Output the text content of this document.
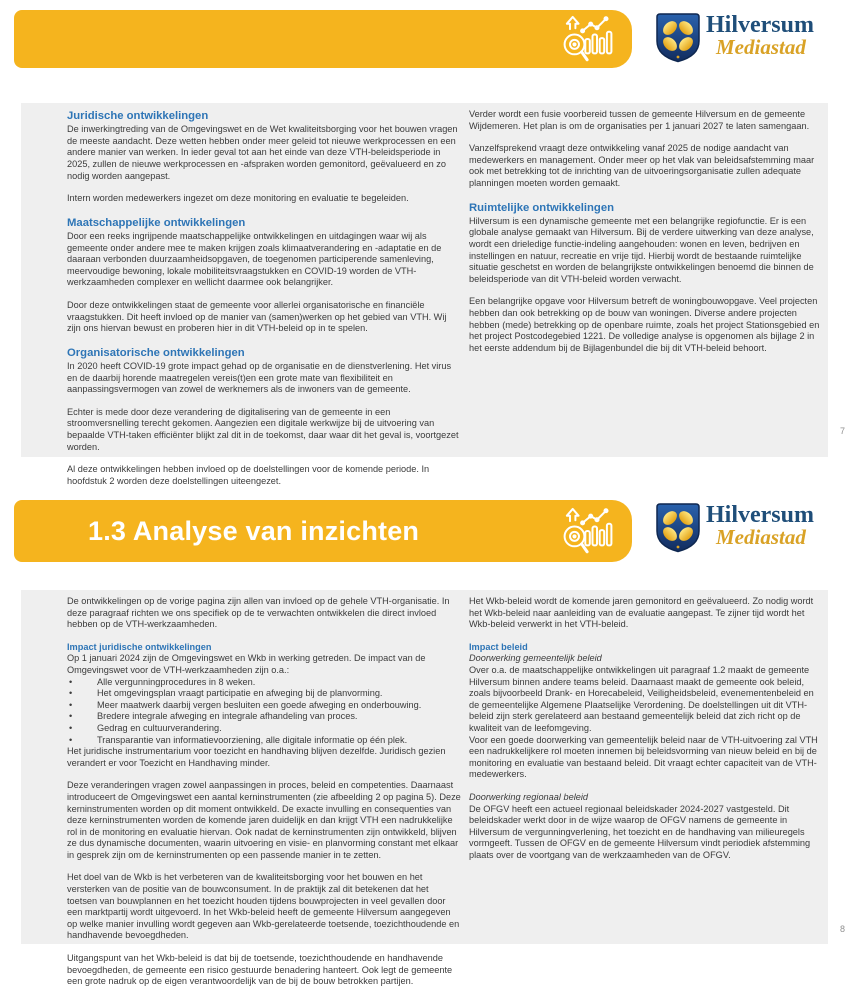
Hilversum
Mediastad
Juridische ontwikkelingen
De inwerkingtreding van de Omgevingswet en de Wet kwaliteitsborging voor het bouwen vragen de meeste aandacht. Deze wetten hebben onder meer geleid tot nieuwe werkprocessen en een andere manier van werken. In ieder geval tot aan het einde van deze VTH-beleidsperiode in 2025, zullen de nieuwe werkprocessen en -afspraken worden gemonitord, geëvalueerd en zo nodig worden aangepast.
Intern worden medewerkers ingezet om deze monitoring en evaluatie te begeleiden.
Maatschappelijke ontwikkelingen
Door een reeks ingrijpende maatschappelijke ontwikkelingen en uitdagingen waar wij als gemeente onder andere mee te maken krijgen zoals klimaatverandering en -adaptatie en de daaraan verbonden duurzaamheidsopgaven, de toegenomen participerende samenleving, meervoudige bewoning, lokale mobiliteitsvraagstukken en COVID-19 worden de VTH-werkzaamheden complexer en wellicht daarmee ook belangrijker.
Door deze ontwikkelingen staat de gemeente voor allerlei organisatorische en financiële vraagstukken. Dit heeft invloed op de manier van (samen)werken op het gebied van VTH. Wij zijn ons hiervan bewust en proberen hier in dit VTH-beleid op in te spelen.
Organisatorische ontwikkelingen
In 2020 heeft COVID-19 grote impact gehad op de organisatie en de dienstverlening. Het virus en de daarbij horende maatregelen vereis(t)en een grote mate van flexibiliteit en aanpassingsvermogen van zowel de werknemers als de inwoners van de gemeente.
Echter is mede door deze verandering de digitalisering van de gemeente in een stroomversnelling terecht gekomen. Aangezien een digitale werkwijze bij de uitvoering van bepaalde VTH-taken efficiënter blijkt zal dit in de toekomst, daar waar dit het geval is, voortgezet worden.
Al deze ontwikkelingen hebben invloed op de doelstellingen voor de komende periode. In hoofdstuk 2 worden deze doelstellingen uiteengezet.
Verder wordt een fusie voorbereid tussen de gemeente Hilversum en de gemeente Wijdemeren. Het plan is om de organisaties per 1 januari 2027 te laten samengaan.
Vanzelfsprekend vraagt deze ontwikkeling vanaf 2025 de nodige aandacht van medewerkers en management. Onder meer op het vlak van beleidsafstemming maar ook met betrekking tot de inrichting van de uitvoeringsorganisatie zullen adequate planningen moeten worden gemaakt.
Ruimtelijke ontwikkelingen
Hilversum is een dynamische gemeente met een belangrijke regiofunctie. Er is een globale analyse gemaakt van Hilversum. Bij de verdere uitwerking van deze analyse, wordt een drieledige functie-indeling aangehouden: wonen en leven, bedrijven en instellingen en natuur, recreatie en vrije tijd. Hierbij wordt de bestaande ruimtelijke situatie geschetst en worden de belangrijkste ontwikkelingen benoemd die binnen de beleidsperiode van dit VTH-beleid worden verwacht.
Een belangrijke opgave voor Hilversum betreft de woningbouwopgave. Veel projecten hebben dan ook betrekking op de bouw van woningen. Diverse andere projecten hebben (mede) betrekking op de openbare ruimte, zoals het project Stationsgebied en het project Postcodegebied 1221. De volledige analyse is opgenomen als bijlage 2 in het eerste addendum bij de Bijlagenbundel die bij dit VTH-beleid behoort.
7
1.3 Analyse van inzichten
Hilversum
Mediastad
De ontwikkelingen op de vorige pagina zijn allen van invloed op de gehele VTH-organisatie. In deze paragraaf richten we ons specifiek op de te verwachten ontwikkelen die direct invloed hebben op de VTH-werkzaamheden.
Impact juridische ontwikkelingen
Op 1 januari 2024 zijn de Omgevingswet en Wkb in werking getreden. De impact van de Omgevingswet voor de VTH-werkzaamheden zijn o.a.:
• Alle vergunningprocedures in 8 weken.
• Het omgevingsplan vraagt participatie en afweging bij de planvorming.
• Meer maatwerk daarbij vergen besluiten een goede afweging en onderbouwing.
• Bredere integrale afweging en integrale afhandeling van proces.
• Gedrag en cultuurverandering.
• Transparantie van informatievoorziening, alle digitale informatie op één plek.
Het juridische instrumentarium voor toezicht en handhaving blijven dezelfde. Juridisch gezien verandert er voor Toezicht en Handhaving minder.
Deze veranderingen vragen zowel aanpassingen in proces, beleid en competenties. Daarnaast introduceert de Omgevingswet een aantal kerninstrumenten (zie afbeelding 2 op pagina 5). Deze kerninstrumenten worden op dit moment ontwikkeld. De exacte invulling en consequenties van deze kerninstrumenten worden de komende jaren duidelijk en dan krijgt VTH een nadrukkelijke rol in de monitoring en evaluatie hiervan. Ook nadat de kerninstrumenten zijn ontwikkeld, blijven ze dus dynamische documenten, waarin uitvoering en visie- en planvorming constant met elkaar in gesprek zijn om de kerninstrumenten op een passende manier in te zetten.
Het doel van de Wkb is het verbeteren van de kwaliteitsborging voor het bouwen en het versterken van de positie van de bouwconsument. In de praktijk zal dit betekenen dat het toetsen van bouwplannen en het toezicht houden tijdens bouwprojecten in veel gevallen door een marktpartij wordt uitgevoerd. In het Wkb-beleid heeft de gemeente Hilversum aangegeven op welke manier invulling wordt gegeven aan Wkb-gerelateerde toetsende, toezichthoudende en handhavende bevoegdheden.
Uitgangspunt van het Wkb-beleid is dat bij de toetsende, toezichthoudende en handhavende bevoegdheden, de gemeente een risico gestuurde benadering hanteert. Ook legt de gemeente een grote nadruk op de eigen verantwoordelijk van de bij de bouw betrokken partijen.
Het Wkb-beleid wordt de komende jaren gemonitord en geëvalueerd. Zo nodig wordt het Wkb-beleid naar aanleiding van de evaluatie aangepast. Te zijner tijd wordt het Wkb-beleid verwerkt in het VTH-beleid.
Impact beleid
Doorwerking gemeentelijk beleid
Over o.a. de maatschappelijke ontwikkelingen uit paragraaf 1.2 maakt de gemeente Hilversum binnen andere teams beleid. Daarnaast maakt de gemeente ook beleid, zoals bijvoorbeeld Drank- en Horecabeleid, Veiligheidsbeleid, evenementenbeleid en de gemeentelijke Algemene Plaatselijke Verordening. De doelstellingen uit dit VTH-beleid zijn sterk gerelateerd aan bestaand gemeentelijk beleid dat zich richt op de kwaliteit van de leefomgeving.
Voor een goede doorwerking van gemeentelijk beleid naar de VTH-uitvoering zal VTH een nadrukkelijkere rol moeten innemen bij beleidsvorming van nieuw beleid en bij de monitoring en evaluatie van bestaand beleid. Dit vraagt echter capaciteit van de VTH-medewerkers.
Doorwerking regionaal beleid
De OFGV heeft een actueel regionaal beleidskader 2024-2027 vastgesteld. Dit beleidskader werkt door in de wijze waarop de OFGV namens de gemeente in Hilversum de vergunningverlening, het toezicht en de handhaving van milieuregels vormgeeft. Tussen de OFGV en de gemeente Hilversum vindt periodiek afstemming plaats over de voortgang van de werkzaamheden van de OFGV.
8
